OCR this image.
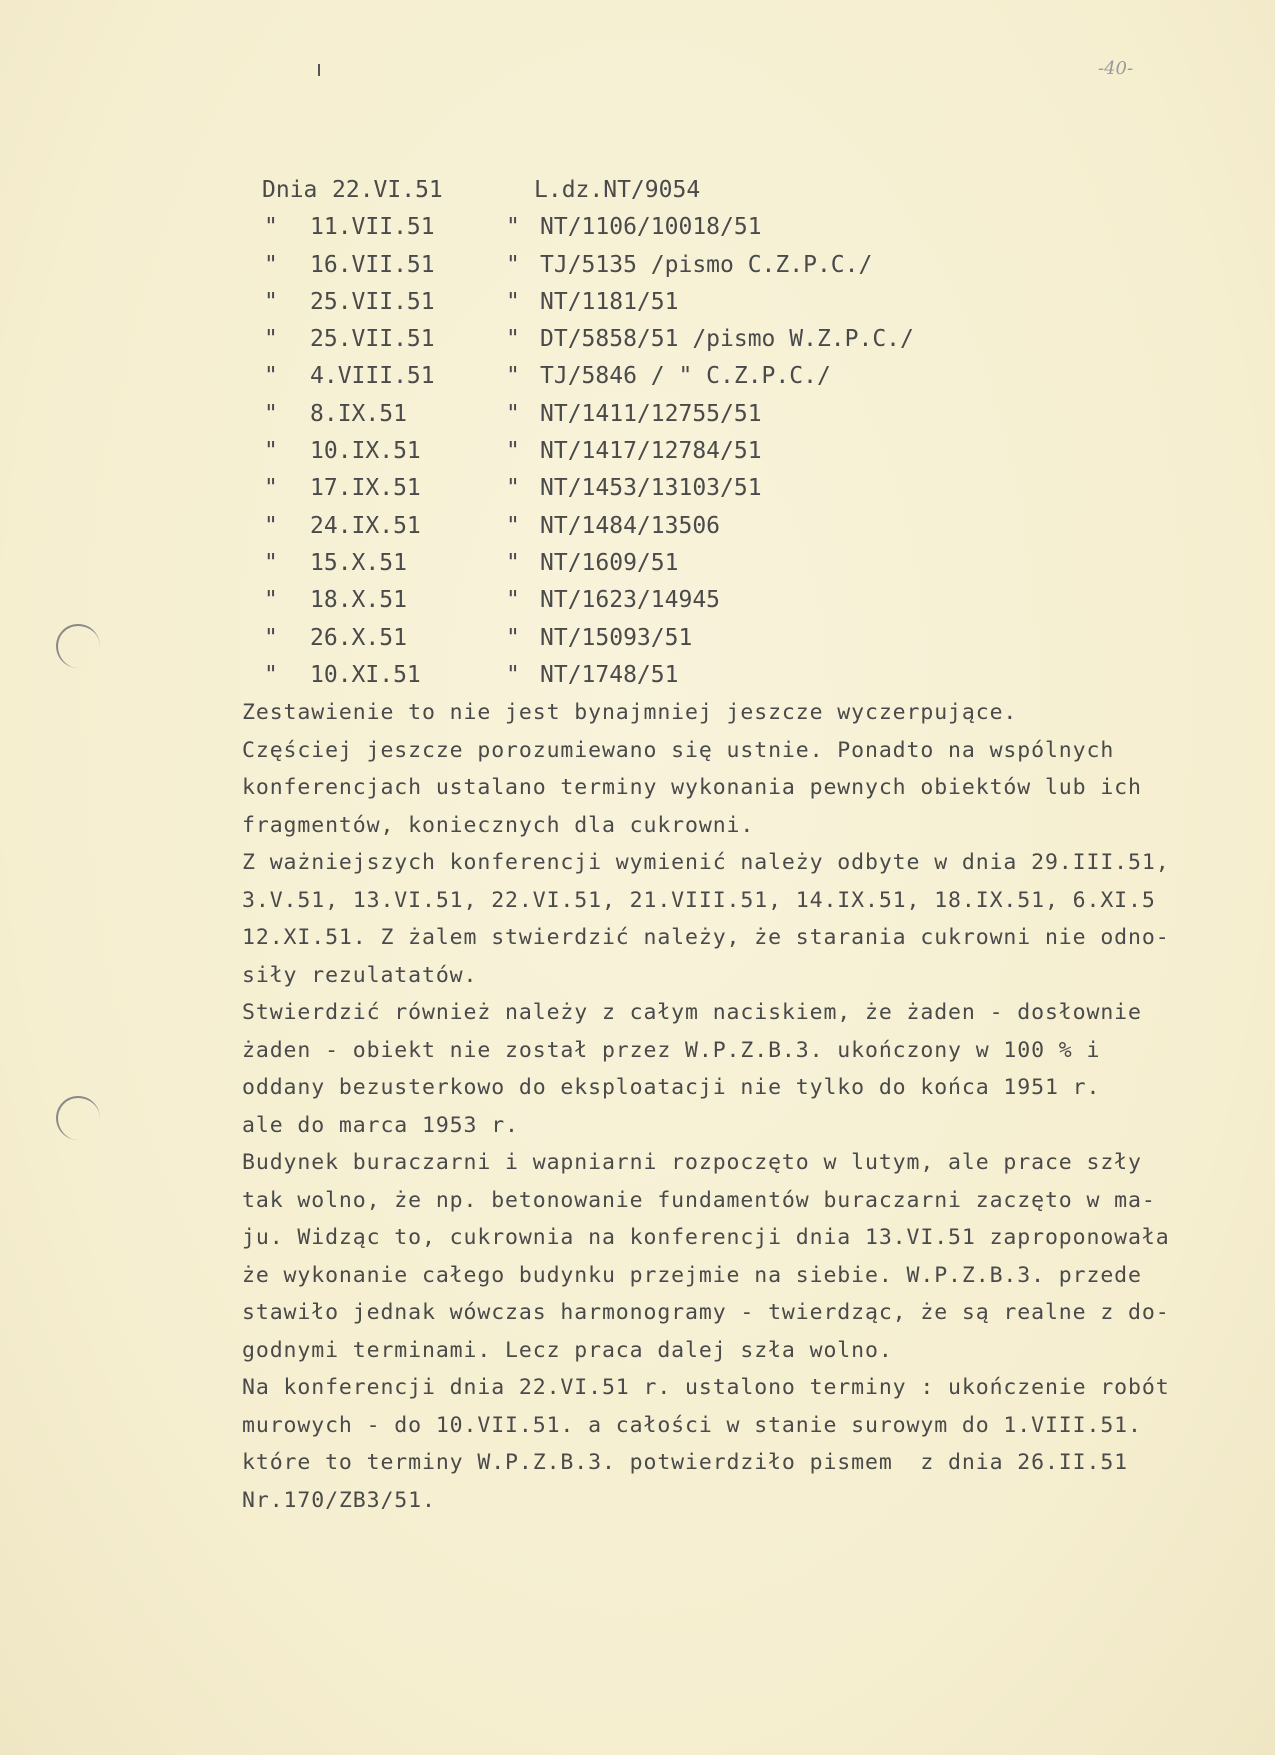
-40-
Dnia 22.VI.51	L.dz.NT/9054
" 11.VII.51	" NT/1106/10018/51
" 16.VII.51	" TJ/5135 /pismo C.Z.P.C./
" 25.VII.51	" NT/1181/51
" 25.VII.51	" DT/5858/51 /pismo W.Z.P.C./
" 4.VIII.51	" TJ/5846 / " C.Z.P.C./
" 8.IX.51	" NT/1411/12755/51
" 10.IX.51	" NT/1417/12784/51
" 17.IX.51	" NT/1453/13103/51
" 24.IX.51	" NT/1484/13506
" 15.X.51	" NT/1609/51
" 18.X.51	" NT/1623/14945
" 26.X.51	" NT/15093/51
" 10.XI.51	" NT/1748/51

Zestawienie to nie jest bynajmniej jeszcze wyczerpujące.

Częściej jeszcze porozumiewano się ustnie. Ponadto na wspólnych

konferencjach ustalano terminy wykonania pewnych obiektów lub ich

fragmentów, koniecznych dla cukrowni.

Z ważniejszych konferencji wymienić należy odbyte w dnia 29.III.51,

3.V.51, 13.VI.51, 22.VI.51, 21.VIII.51, 14.IX.51, 18.IX.51, 6.XI.5

12.XI.51. Z żalem stwierdzić należy, że starania cukrowni nie odno-

siły rezulatatów.

Stwierdzić również należy z całym naciskiem, że żaden - dosłownie

żaden - obiekt nie został przez W.P.Z.B.3. ukończony w 100 % i

oddany bezusterkowo do eksploatacji nie tylko do końca 1951 r.

ale do marca 1953 r.

Budynek buraczarni i wapniarni rozpoczęto w lutym, ale prace szły

tak wolno, że np. betonowanie fundamentów buraczarni zaczęto w ma-

ju. Widząc to, cukrownia na konferencji dnia 13.VI.51 zaproponowała

że wykonanie całego budynku przejmie na siebie. W.P.Z.B.3. przede

stawiło jednak wówczas harmonogramy - twierdząc, że są realne z do-

godnymi terminami. Lecz praca dalej szła wolno.

Na konferencji dnia 22.VI.51 r. ustalono terminy : ukończenie robót

murowych - do 10.VII.51. a całości w stanie surowym do 1.VIII.51.

które to terminy W.P.Z.B.3. potwierdziło pismem  z dnia 26.II.51

Nr.170/ZB3/51.
